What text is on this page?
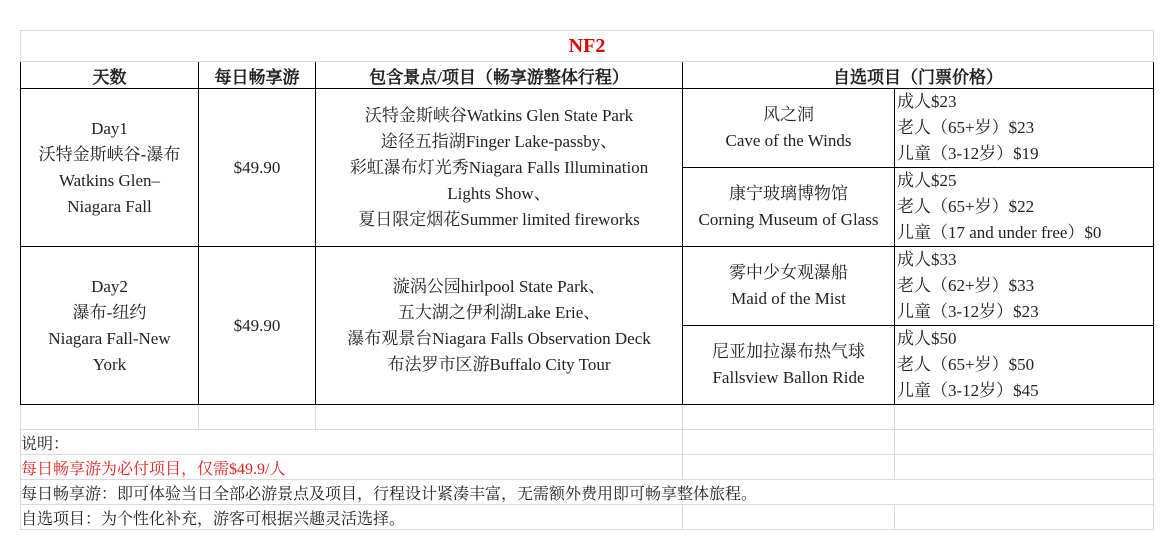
NF2				
天数	每日畅享游	包含景点/项目（畅享游整体行程）	自选项目（门票价格）	

Day1
沃特金斯峡谷-瀑布
Watkins Glen–
Niagara Fall	$49.90	沃特金斯峡谷Watkins Glen State Park
途径五指湖Finger Lake-passby、
彩虹瀑布灯光秀Niagara Falls Illumination
Lights Show、
夏日限定烟花Summer limited fireworks	风之洞
Cave of the Winds	成人$23
老人（65+岁）$23
儿童（3-12岁）$19

			康宁玻璃博物馆
Corning Museum of Glass	成人$25
老人（65+岁）$22
儿童（17 and under free）$0

Day2
瀑布-纽约
Niagara Fall-New
York	$49.90	漩涡公园hirlpool State Park、
五大湖之伊利湖Lake Erie、
瀑布观景台Niagara Falls Observation Deck
布法罗市区游Buffalo City Tour	雾中少女观瀑船
Maid of the Mist	成人$33
老人（62+岁）$33
儿童（3-12岁）$23

			尼亚加拉瀑布热气球
Fallsview Ballon Ride	成人$50
老人（65+岁）$50
儿童（3-12岁）$45

说明：				
每日畅享游为必付项目，仅需$49.9/人				
每日畅享游：即可体验当日全部必游景点及项目，行程设计紧凑丰富，无需额外费用即可畅享整体旅程。				
自选项目：为个性化补充，游客可根据兴趣灵活选择。				
